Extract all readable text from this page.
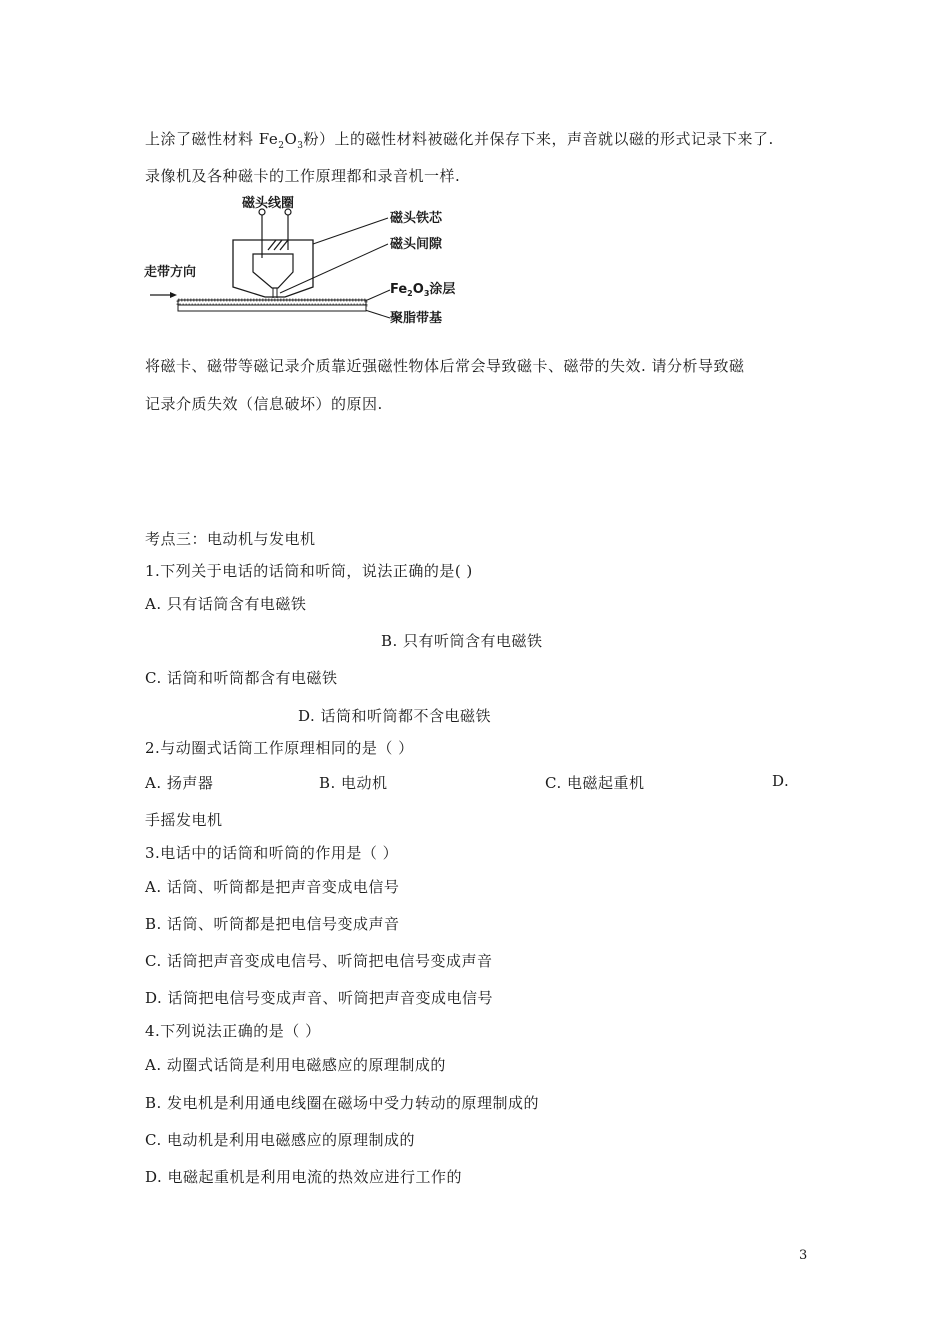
上涂了磁性材料 $Fe_2O_3$粉）上的磁性材料被磁化并保存下来，声音就以磁的形式记录下来了.
录像机及各种磁卡的工作原理都和录音机一样.
磁头线圈
磁头铁芯
磁头间隙
$Fe_2O_3$涂层
聚脂带基
走带方向
将磁卡、磁带等磁记录介质靠近强磁性物体后常会导致磁卡、磁带的失效. 请分析导致磁
记录介质失效（信息破坏）的原因.
考点三：电动机与发电机
1.下列关于电话的话筒和听筒，说法正确的是( )
A. 只有话筒含有电磁铁
B. 只有听筒含有电磁铁
C. 话筒和听筒都含有电磁铁
D. 话筒和听筒都不含电磁铁
2.与动圈式话筒工作原理相同的是（ ）
A. 扬声器	B. 电动机	C. 电磁起重机	D.
手摇发电机
3.电话中的话筒和听筒的作用是（ ）
A. 话筒、听筒都是把声音变成电信号
B. 话筒、听筒都是把电信号变成声音
C. 话筒把声音变成电信号、听筒把电信号变成声音
D. 话筒把电信号变成声音、听筒把声音变成电信号
4.下列说法正确的是（ ）
A. 动圈式话筒是利用电磁感应的原理制成的
B. 发电机是利用通电线圈在磁场中受力转动的原理制成的
C. 电动机是利用电磁感应的原理制成的
D. 电磁起重机是利用电流的热效应进行工作的
3
